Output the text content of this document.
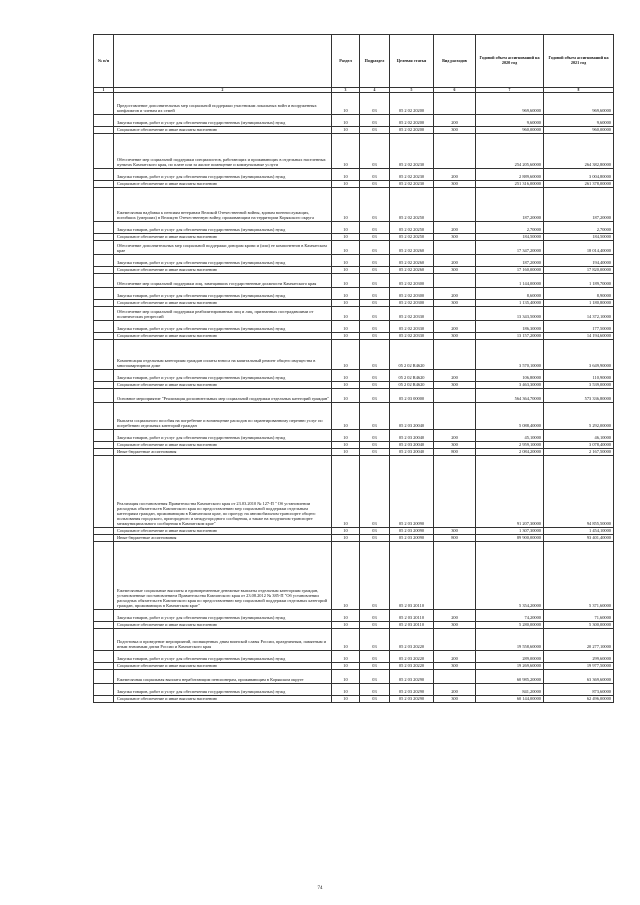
№ п/п		Раздел	Подраздел	Целевая статья	Вид расходов	Годовой объем ассигнований на 2020 год	Годовой объем ассигнований на 2021 год
1	2	3	4	5	6	7	8
	Предоставление дополнительных мер социальной поддержки участникам локальных войн и вооруженных конфликтов и членам их семей	10	03	05 2 02 20200		969,60000	969,60000
	Закупка товаров, работ и услуг для обеспечения государственных (муниципальных) нужд	10	03	05 2 02 20200	200	9,60000	9,60000
	Социальное обеспечение и иные выплаты населению	10	03	05 2 02 20200	300	960,00000	960,00000
	Обеспечение мер социальной поддержки специалистов, работающих и проживающих в отдельных населенных пунктах Камчатского края, по плате или за жилое помещение и коммунальные услуги	10	03	05 2 02 20230		254 205,60000	264 382,80000
	Закупка товаров, работ и услуг для обеспечения государственных (муниципальных) нужд	10	03	05 2 02 20230	200	2 889,60000	3 004,80000
	Социальное обеспечение и иные выплаты населению	10	03	05 2 02 20230	300	251 316,00000	261 378,00000
	Ежемесячная надбавка к пенсиям ветеранам Великой Отечественной войны, вдовам военнослужащих, погибших (умерших) в Великую Отечественную войну, проживающим на территории Корякского округа	10	03	05 2 02 20250		187,20000	187,20000
	Закупка товаров, работ и услуг для обеспечения государственных (муниципальных) нужд	10	03	05 2 02 20250	200	2,70000	2,70000
	Социальное обеспечение и иные выплаты населению	10	03	05 2 02 20250	300	184,50000	184,50000
	Обеспечение дополнительных мер социальной поддержки донорам крови и (или) ее компонентов в Камчатском крае	10	03	05 2 02 20260		17 347,20000	18 014,40000
	Закупка товаров, работ и услуг для обеспечения государственных (муниципальных) нужд	10	03	05 2 02 20260	200	187,20000	194,40000
	Социальное обеспечение и иные выплаты населению	10	03	05 2 02 20260	300	17 160,00000	17 820,00000
	Обеспечение мер социальной поддержки лиц, замещавших государственные должности Камчатского края	10	03	05 2 02 20300		1 144,00000	1 189,70000
	Закупка товаров, работ и услуг для обеспечения государственных (муниципальных) нужд	10	03	05 2 02 20300	200	8,60000	8,90000
	Социальное обеспечение и иные выплаты населению	10	03	05 2 02 20300	300	1 135,40000	1 180,80000
	Обеспечение мер социальной поддержки реабилитированных лиц и лиц, признанных пострадавшими от политических репрессий	10	03	05 2 02 20330		13 343,50000	14 372,10000
	Закупка товаров, работ и услуг для обеспечения государственных (муниципальных) нужд	10	03	05 2 02 20330	200	186,30000	177,50000
	Социальное обеспечение и иные выплаты населению	10	03	05 2 02 20330	300	13 157,20000	14 194,60000
	Компенсация отдельным категориям граждан оплаты взноса на капитальный ремонт общего имущества в многоквартирном доме	10	03	05 2 02 R4620		3 570,10000	3 649,90000
	Закупка товаров, работ и услуг для обеспечения государственных (муниципальных) нужд	10	03	05 2 02 R4620	200	106,80000	110,90000
	Социальное обеспечение и иные выплаты населению	10	03	05 2 02 R4620	300	3 463,30000	3 539,00000
	Основное мероприятие "Реализация дополнительных мер социальной поддержки отдельных категорий граждан"	10	03	05 2 03 00000		564 364,70000	573 336,80000
	Выплата социального пособия на погребение и возмещение расходов по гарантированному перечню услуг по погребению отдельных категорий граждан	10	03	05 2 03 20040		5 088,40000	5 292,00000
	Закупка товаров, работ и услуг для обеспечения государственных (муниципальных) нужд	10	03	05 2 03 20040	200	45,10000	46,10000
	Социальное обеспечение и иные выплаты населению	10	03	05 2 03 20040	300	2 959,10000	3 078,40000
	Иные бюджетные ассигнования	10	03	05 2 03 20040	800	2 084,20000	2 167,50000
	Реализация постановления Правительства Камчатского края от 23.03.2010 № 127-П " Об установлении расходных обязательств Камчатского края по предоставлению мер социальной поддержки отдельным категориям граждан, проживающим в Камчатском крае, по проезду на автомобильном транспорте общего пользования городского, пригородного и междугородного сообщения, а также на воздушном транспорте межмуниципального сообщения в Камчатском крае"	10	03	05 2 03 20090		91 207,30000	94 855,50000
	Социальное обеспечение и иные выплаты населению	10	03	05 2 03 20090	300	1 307,30000	1 454,10000
	Иные бюджетные ассигнования	10	03	05 2 03 20090	800	89 900,00000	93 401,40000
	Ежемесячные социальные выплаты и единовременные денежные выплаты отдельным категориям граждан, установленные постановлением Правительства Камчатского края от 23.08.2012 № 385-П "Об установлении расходных обязательств Камчатского края по предоставлению мер социальной поддержки отдельных категорий граждан, проживающих в Камчатском крае"	10	03	05 2 03 20110		5 354,20000	5 371,60000
	Закупка товаров, работ и услуг для обеспечения государственных (муниципальных) нужд	10	03	05 2 03 20110	200	74,20000	71,60000
	Социальное обеспечение и иные выплаты населению	10	03	05 2 03 20110	300	5 280,00000	5 300,00000
	Подготовка и проведение мероприятий, посвященных дням воинской славы России, праздничным, памятным и иным значимым датам России и Камчатского края	10	03	05 2 03 20220		19 558,60000	20 277,10000
	Закупка товаров, работ и услуг для обеспечения государственных (муниципальных) нужд	10	03	05 2 03 20220	200	289,00000	299,60000
	Социальное обеспечение и иные выплаты населению	10	03	05 2 03 20220	300	19 269,60000	19 977,50000
	Ежемесячная социальная выплата неработающим пенсионерам, проживающим в Корякском округе	10	03	05 2 03 20290		60 985,20000	63 369,60000
	Закупка товаров, работ и услуг для обеспечения государственных (муниципальных) нужд	10	03	05 2 03 20290	200	841,20000	873,60000
	Социальное обеспечение и иные выплаты населению	10	03	05 2 03 20290	300	60 144,00000	62 496,00000
74
